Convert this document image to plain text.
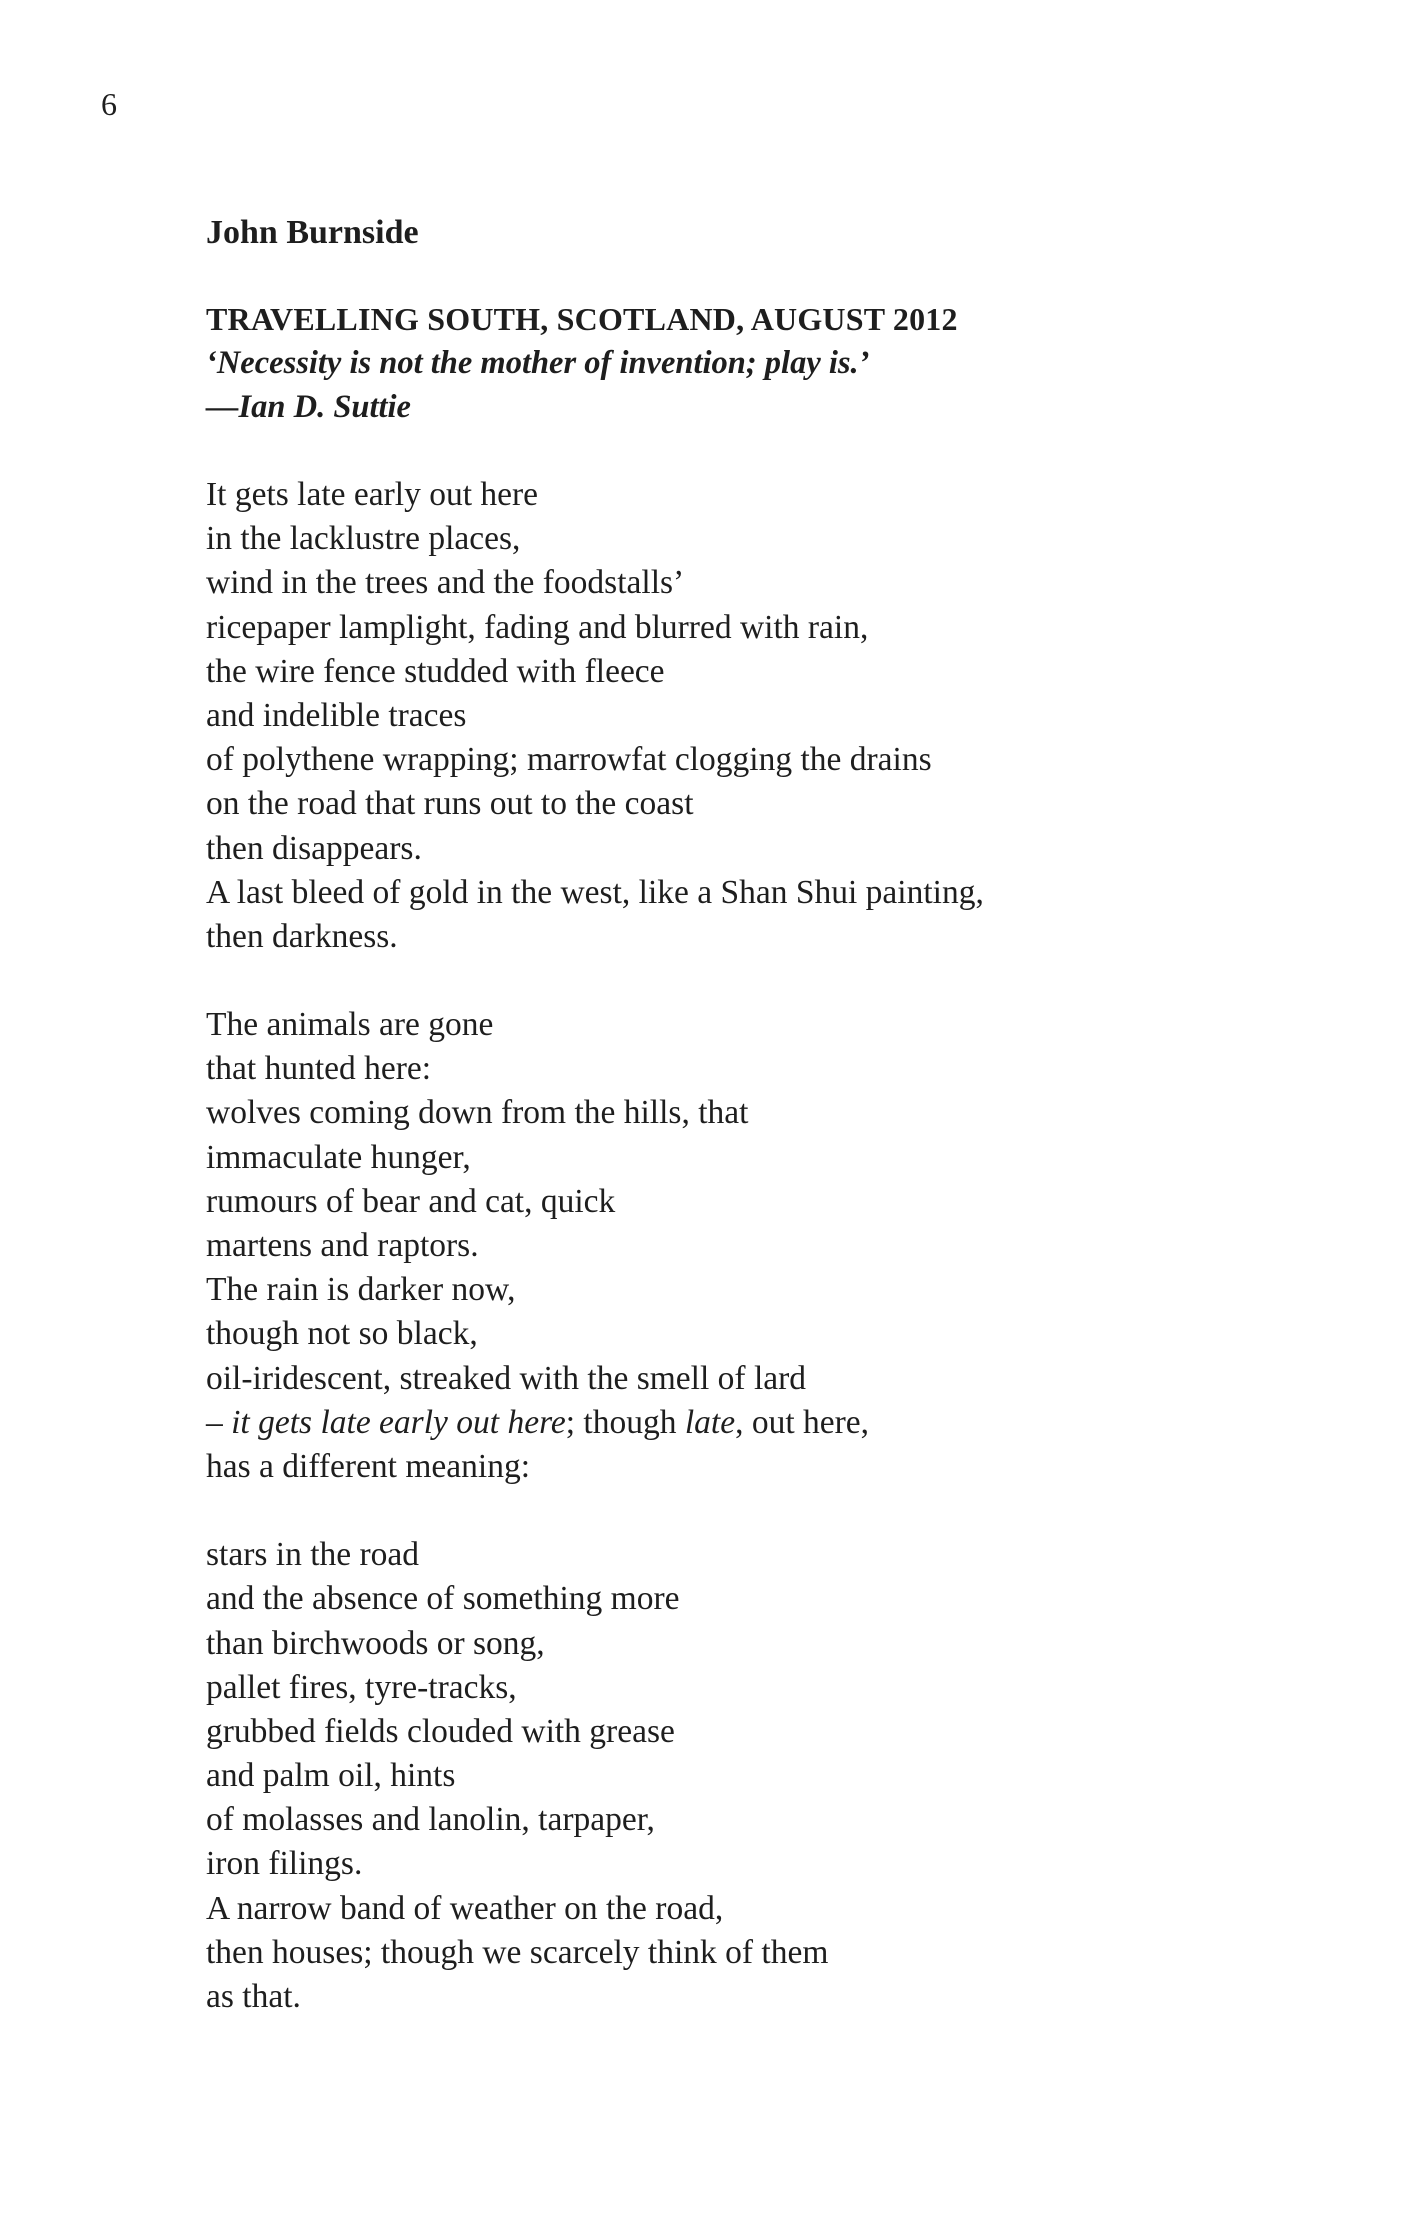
6
John Burnside
TRAVELLING SOUTH, SCOTLAND, AUGUST 2012
‘Necessity is not the mother of invention; play is.’
—Ian D. Suttie
It gets late early out here
in the lacklustre places,
wind in the trees and the foodstalls’
ricepaper lamplight, fading and blurred with rain,
the wire fence studded with fleece
and indelible traces
of polythene wrapping; marrowfat clogging the drains
on the road that runs out to the coast
then disappears.
A last bleed of gold in the west, like a Shan Shui painting,
then darkness.
The animals are gone
that hunted here:
wolves coming down from the hills, that
immaculate hunger,
rumours of bear and cat, quick
martens and raptors.
The rain is darker now,
though not so black,
oil-iridescent, streaked with the smell of lard
– it gets late early out here; though late, out here,
has a different meaning:
stars in the road
and the absence of something more
than birchwoods or song,
pallet fires, tyre-tracks,
grubbed fields clouded with grease
and palm oil, hints
of molasses and lanolin, tarpaper,
iron filings.
A narrow band of weather on the road,
then houses; though we scarcely think of them
as that.
